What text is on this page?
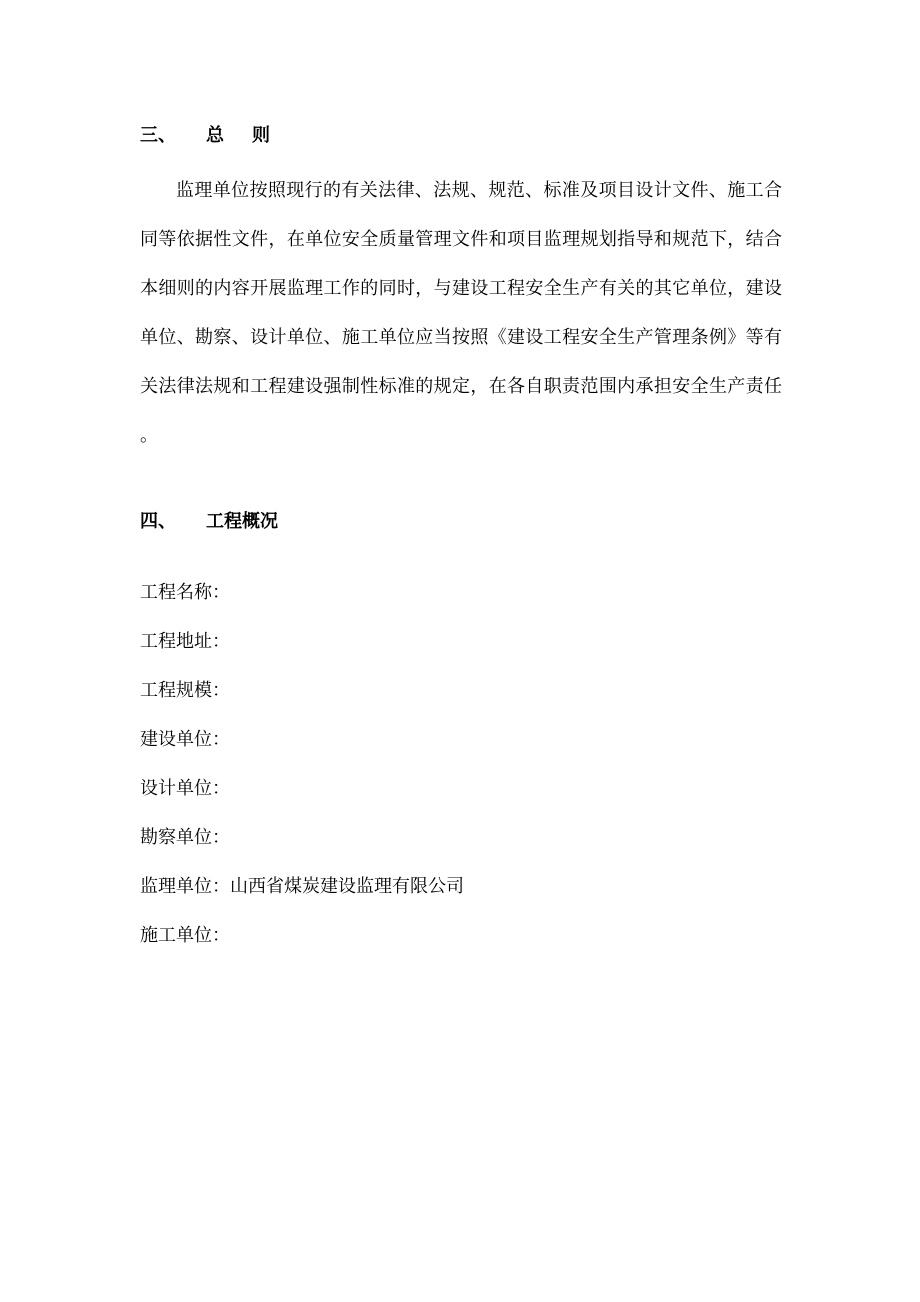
三、 总则

监理单位按照现行的有关法律、法规、规范、标准及项目设计文件、施工合同等依据性文件，在单位安全质量管理文件和项目监理规划指导和规范下，结合本细则的内容开展监理工作的同时，与建设工程安全生产有关的其它单位，建设单位、勘察、设计单位、施工单位应当按照《建设工程安全生产管理条例》等有关法律法规和工程建设强制性标准的规定，在各自职责范围内承担安全生产责任 。

四、 工程概况
工程名称：
工程地址：
工程规模：
建设单位：
设计单位：
勘察单位：
监理单位：山西省煤炭建设监理有限公司
施工单位：
